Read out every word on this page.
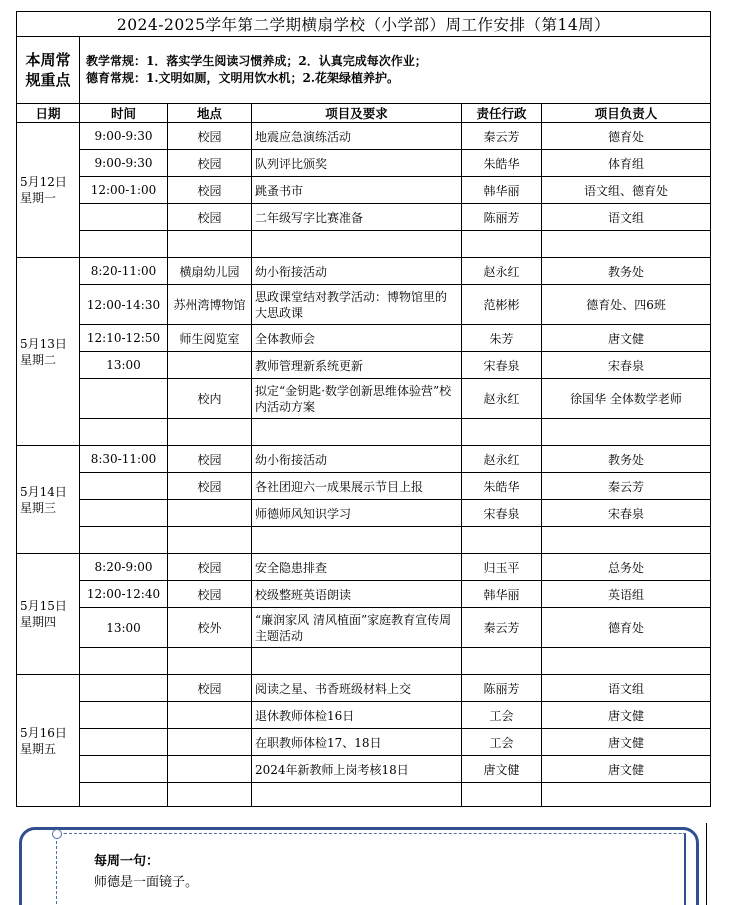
2024-2025学年第二学期横扇学校（小学部）周工作安排（第14周）					
本周常规重点	教学常规：1．落实学生阅读习惯养成；2．认真完成每次作业；
德育常规：1.文明如厕，文明用饮水机；2.花架绿植养护。				

日期	时间	地点	项目及要求	责任行政	项目负责人
5月12日 星期一	9:00-9:30	校园	地震应急演练活动	秦云芳	德育处
	9:00-9:30	校园	队列评比颁奖	朱皓华	体育组
	12:00-1:00	校园	跳蚤书市	韩华丽	语文组、德育处
		校园	二年级写字比赛准备	陈丽芳	语文组

5月13日 星期二	8:20-11:00	横扇幼儿园	幼小衔接活动	赵永红	教务处
	12:00-14:30	苏州湾博物馆	思政课堂结对教学活动：博物馆里的大思政课	范彬彬	德育处、四6班
	12:10-12:50	师生阅览室	全体教师会	朱芳	唐文健
	13:00		教师管理新系统更新	宋春泉	宋春泉
		校内	拟定“金钥匙·数学创新思维体验营”校内活动方案	赵永红	徐国华 全体数学老师

5月14日 星期三	8:30-11:00	校园	幼小衔接活动	赵永红	教务处
		校园	各社团迎六一成果展示节目上报	朱皓华	秦云芳
			师德师风知识学习	宋春泉	宋春泉

5月15日 星期四	8:20-9:00	校园	安全隐患排查	归玉平	总务处
	12:00-12:40	校园	校级整班英语朗读	韩华丽	英语组
	13:00	校外	“廉润家风 清风植面”家庭教育宣传周主题活动	秦云芳	德育处

5月16日 星期五		校园	阅读之星、书香班级材料上交	陈丽芳	语文组
			退休教师体检16日	工会	唐文健
			在职教师体检17、18日	工会	唐文健
			2024年新教师上岗考核18日	唐文健	唐文健

每周一句：
师德是一面镜子。
